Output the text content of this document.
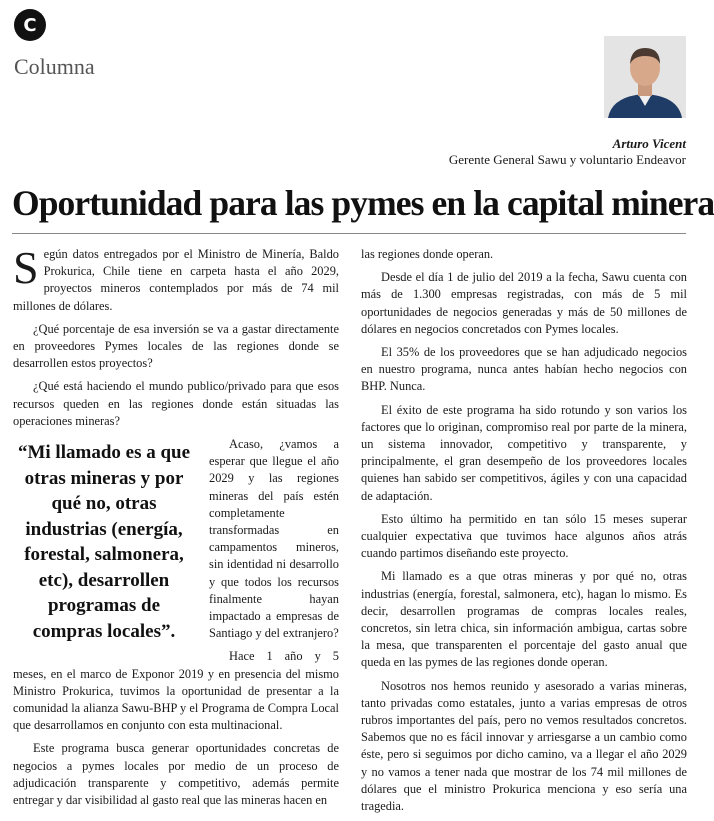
C
Columna
Arturo Vicent
Gerente General Sawu y voluntario Endeavor
Oportunidad para las pymes en la capital minera

Según datos entregados por el Ministro de Minería, Baldo Prokurica, Chile tiene en carpeta hasta el año 2029, proyectos mineros contemplados por más de 74 mil millones de dólares.

¿Qué porcentaje de esa inversión se va a gastar directamente en proveedores Pymes locales de las regiones donde se desarrollen estos proyectos?

¿Qué está haciendo el mundo publico/privado para que esos recursos queden en las regiones donde están situadas las operaciones mineras?

“Mi llamado es a que otras mineras y por qué no, otras industrias (energía, forestal, salmonera, etc), desarrollen programas de compras locales”.

Acaso, ¿vamos a esperar que llegue el año 2029 y las regiones mineras del país estén completamente transformadas en campamentos mineros, sin identidad ni desarrollo y que todos los recursos finalmente hayan impactado a empresas de Santiago y del extranjero?

Hace 1 año y 5 meses, en el marco de Exponor 2019 y en presencia del mismo Ministro Prokurica, tuvimos la oportunidad de presentar a la comunidad la alianza Sawu-BHP y el Programa de Compra Local que desarrollamos en conjunto con esta multinacional.

Este programa busca generar oportunidades concretas de negocios a pymes locales por medio de un proceso de adjudicación transparente y competitivo, además permite entregar y dar visibilidad al gasto real que las mineras hacen en

las regiones donde operan.

Desde el día 1 de julio del 2019 a la fecha, Sawu cuenta con más de 1.300 empresas registradas, con más de 5 mil oportunidades de negocios generadas y más de 50 millones de dólares en negocios concretados con Pymes locales.

El 35% de los proveedores que se han adjudicado negocios en nuestro programa, nunca antes habían hecho negocios con BHP. Nunca.

El éxito de este programa ha sido rotundo y son varios los factores que lo originan, compromiso real por parte de la minera, un sistema innovador, competitivo y transparente, y principalmente, el gran desempeño de los proveedores locales quienes han sabido ser competitivos, ágiles y con una capacidad de adaptación.

Esto último ha permitido en tan sólo 15 meses superar cualquier expectativa que tuvimos hace algunos años atrás cuando partimos diseñando este proyecto.

Mi llamado es a que otras mineras y por qué no, otras industrias (energía, forestal, salmonera, etc), hagan lo mismo. Es decir, desarrollen programas de compras locales reales, concretos, sin letra chica, sin información ambigua, cartas sobre la mesa, que transparenten el porcentaje del gasto anual que queda en las pymes de las regiones donde operan.

Nosotros nos hemos reunido y asesorado a varias mineras, tanto privadas como estatales, junto a varias empresas de otros rubros importantes del país, pero no vemos resultados concretos. Sabemos que no es fácil innovar y arriesgarse a un cambio como éste, pero si seguimos por dicho camino, va a llegar el año 2029 y no vamos a tener nada que mostrar de los 74 mil millones de dólares que el ministro Prokurica menciona y eso sería una tragedia.
